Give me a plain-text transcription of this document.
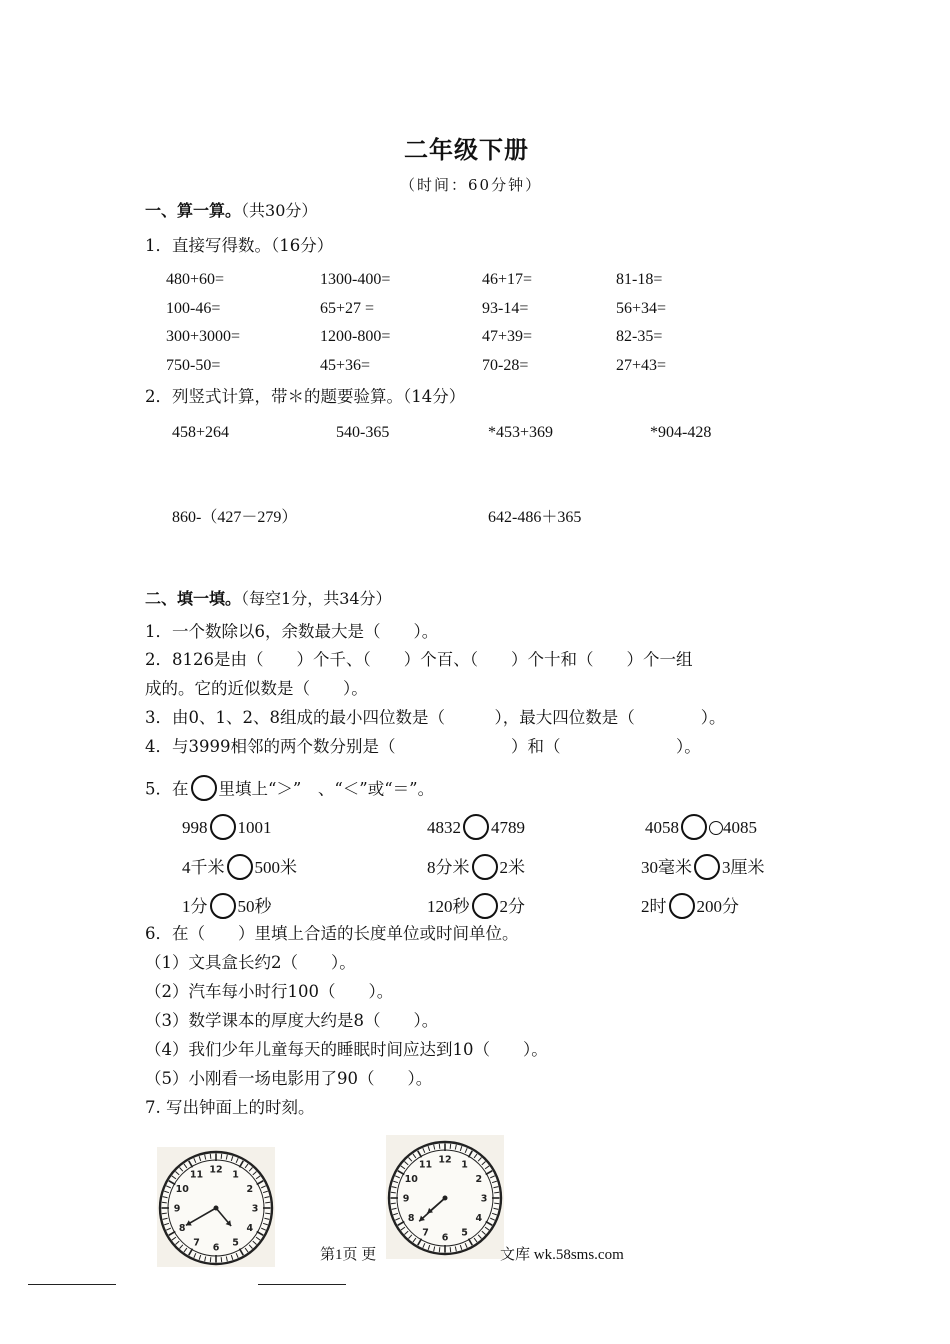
二年级下册
（时间：60分钟）
一、算一算。（共30分）
1．直接写得数。（16分）
480+60=	1300-400=	46+17=	81-18=
100-46=	65+27 =	93-14=	56+34=
300+3000=	1200-800=	47+39=	82-35=
750-50=	45+36=	70-28=	27+43=
2．列竖式计算，带＊的题要验算。（14分）
458+264	540-365	*453+369	*904-428
860-（427－279）	642-486＋365
二、填一填。（每空1分，共34分）
1．一个数除以6，余数最大是（　　）。
2．8126是由（　　）个千、（　　）个百、（　　）个十和（　　）个一组
成的。它的近似数是（　　）。
3．由0、1、2、8组成的最小四位数是（　　　），最大四位数是（　　　　）。
4．与3999相邻的两个数分别是（　　　　　　　）和（　　　　　　　）。
5．在 里填上“＞”　、“＜”或“＝”。
998 1001	4832 4789	4058	4085
4千米 500米	8分米 2米	30毫米 3厘米
1分 50秒	120秒 2分	2时 200分
6．在（　　）里填上合适的长度单位或时间单位。
（1）文具盒长约2（　　）。
（2）汽车每小时行100（　　）。
（3）数学课本的厚度大约是8（　　）。
（4）我们少年儿童每天的睡眠时间应达到10（　　）。
（5）小刚看一场电影用了90（　　）。
7. 写出钟面上的时刻。
12 1
2
3
4
5
6
7
8
9
10
11
12 1
2
3
4
5
6
7
8
9
10
11
第1页 更	文库 wk.58sms.com
